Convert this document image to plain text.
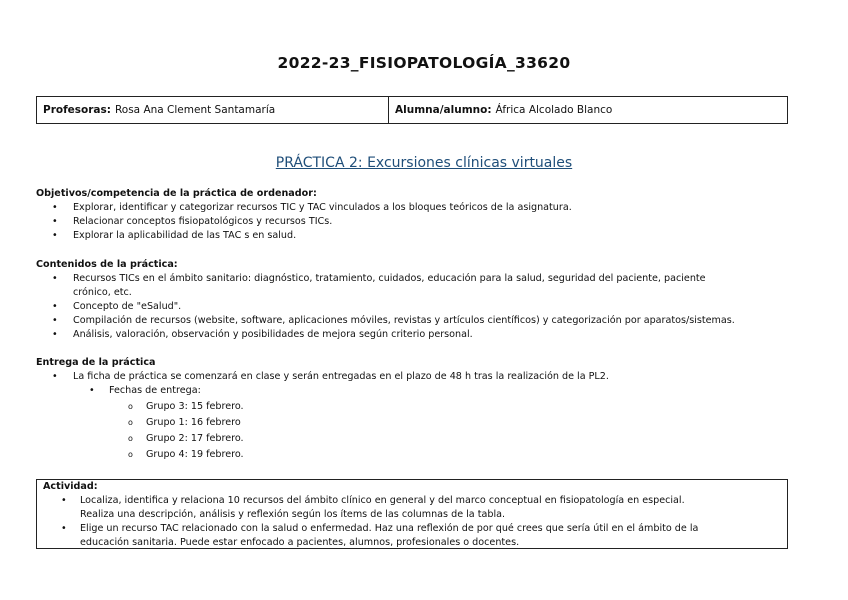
2022-23_FISIOPATOLOGÍA_33620
Profesoras: Rosa Ana Clement Santamaría	Alumna/alumno: África Alcolado Blanco
PRÁCTICA 2: Excursiones clínicas virtuales
Objetivos/competencia de la práctica de ordenador:
• Explorar, identificar y categorizar recursos TIC y TAC vinculados a los bloques teóricos de la asignatura.
• Relacionar conceptos fisiopatológicos y recursos TICs.
• Explorar la aplicabilidad de las TAC s en salud.
Contenidos de la práctica:
• Recursos TICs en el ámbito sanitario: diagnóstico, tratamiento, cuidados, educación para la salud, seguridad del paciente, paciente
crónico, etc.
• Concepto de "eSalud".
• Compilación de recursos (website, software, aplicaciones móviles, revistas y artículos científicos) y categorización por aparatos/sistemas.
• Análisis, valoración, observación y posibilidades de mejora según criterio personal.
Entrega de la práctica
• La ficha de práctica se comenzará en clase y serán entregadas en el plazo de 48 h tras la realización de la PL2.
• Fechas de entrega:
o Grupo 3: 15 febrero.
o Grupo 1: 16 febrero
o Grupo 2: 17 febrero.
o Grupo 4: 19 febrero.
Actividad:
• Localiza, identifica y relaciona 10 recursos del ámbito clínico en general y del marco conceptual en fisiopatología en especial.
Realiza una descripción, análisis y reflexión según los ítems de las columnas de la tabla.
• Elige un recurso TAC relacionado con la salud o enfermedad. Haz una reflexión de por qué crees que sería útil en el ámbito de la
educación sanitaria. Puede estar enfocado a pacientes, alumnos, profesionales o docentes.
